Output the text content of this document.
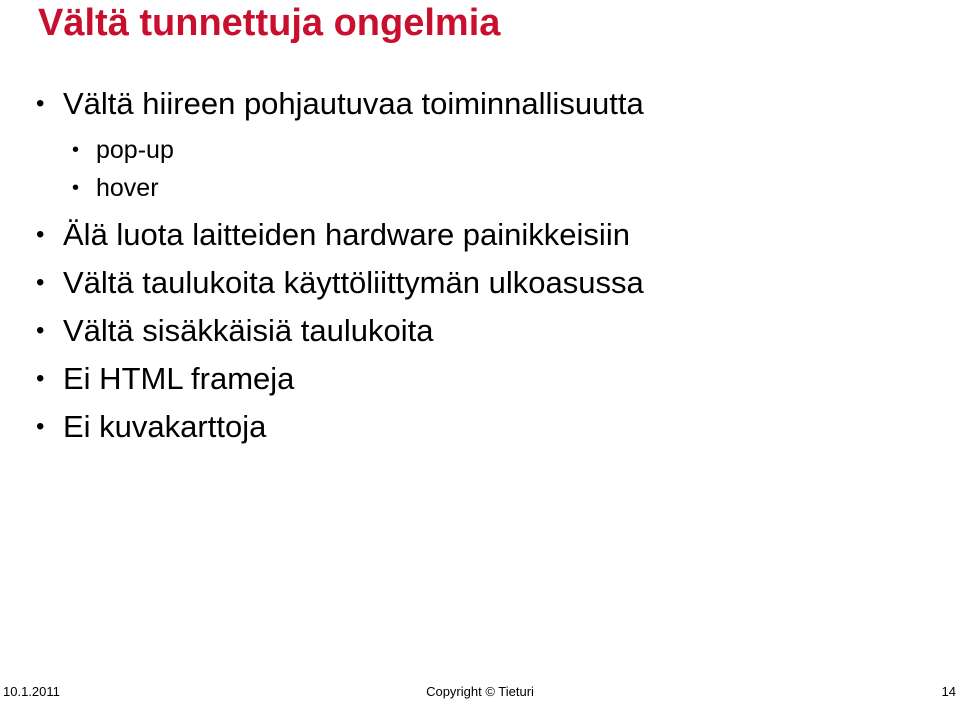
Vältä tunnettuja ongelmia
• Vältä hiireen pohjautuvaa toiminnallisuutta
• pop-up
• hover
• Älä luota laitteiden hardware painikkeisiin
• Vältä taulukoita käyttöliittymän ulkoasussa
• Vältä sisäkkäisiä taulukoita
• Ei HTML frameja
• Ei kuvakarttoja
10.1.2011	Copyright © Tieturi	14
